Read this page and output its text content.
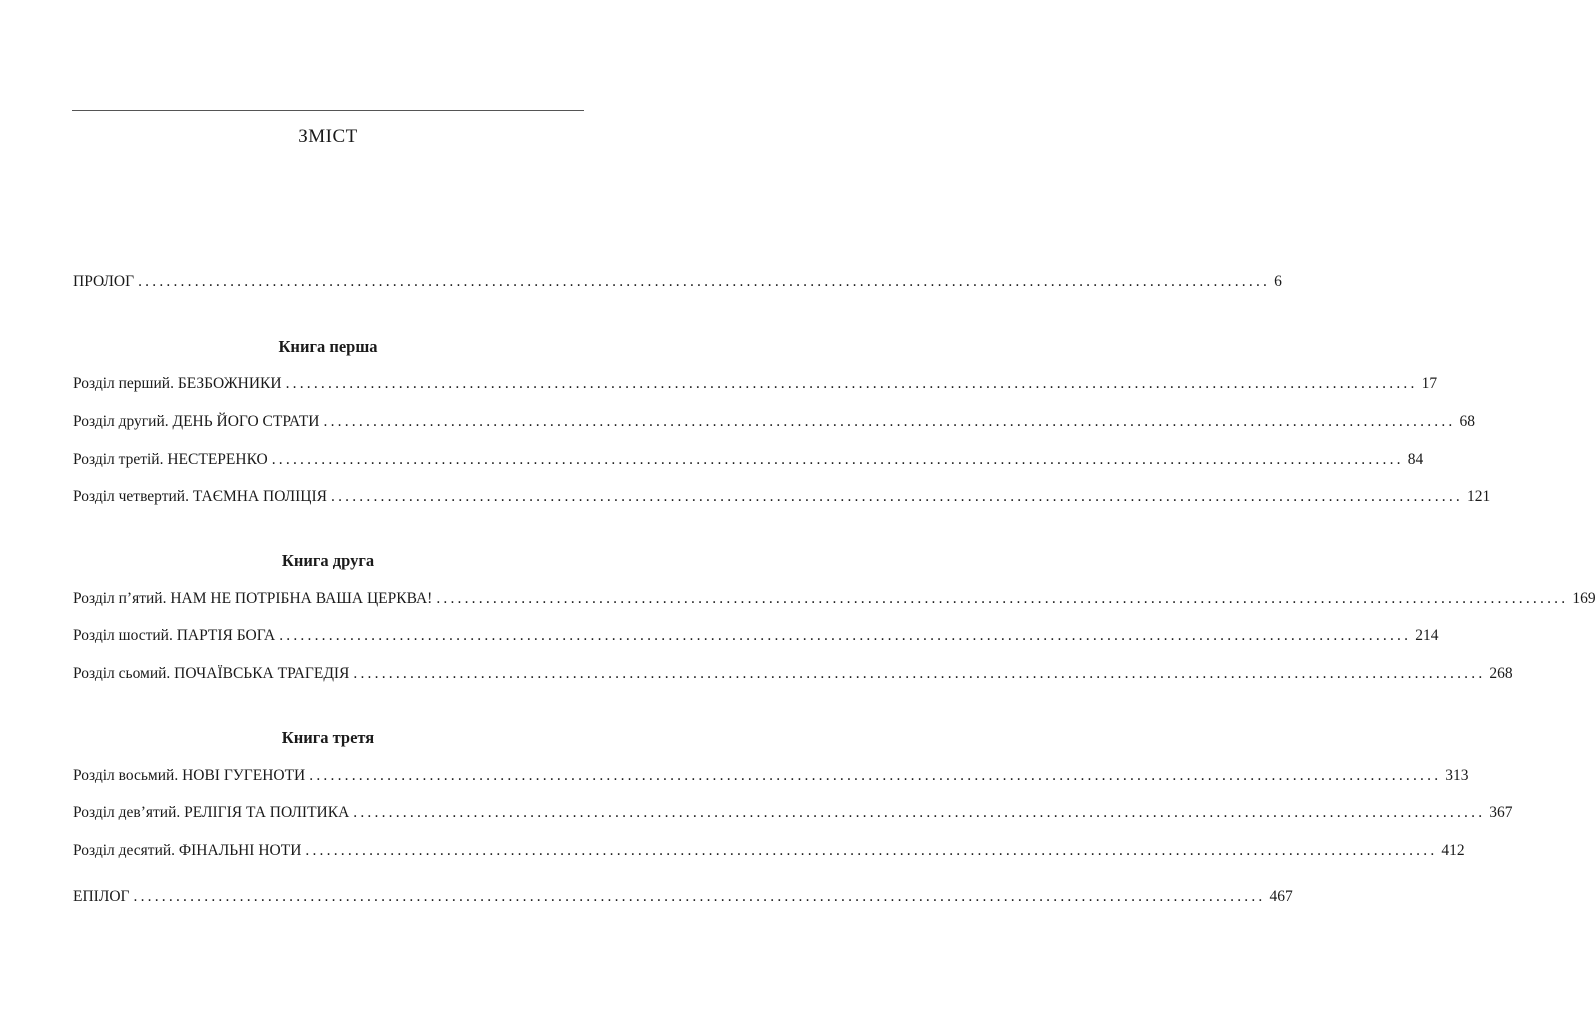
ЗМІСТ
ПРОЛОГ ................................................................................................................................................................ 6
Книга перша
Розділ перший. БЕЗБОЖНИКИ ................................................................................................................................................................ 17
Розділ другий. ДЕНЬ ЙОГО СТРАТИ ................................................................................................................................................................ 68
Розділ третій. НЕСТЕРЕНКО ................................................................................................................................................................ 84
Розділ четвертий. ТАЄМНА ПОЛІЦІЯ ................................................................................................................................................................ 121
Книга друга
Розділ п’ятий. НАМ НЕ ПОТРІБНА ВАША ЦЕРКВА! ................................................................................................................................................................ 169
Розділ шостий. ПАРТІЯ БОГА ................................................................................................................................................................ 214
Розділ сьомий. ПОЧАЇВСЬКА ТРАГЕДІЯ ................................................................................................................................................................ 268
Книга третя
Розділ восьмий. НОВІ ГУГЕНОТИ ................................................................................................................................................................ 313
Розділ дев’ятий. РЕЛІГІЯ ТА ПОЛІТИКА ................................................................................................................................................................ 367
Розділ десятий. ФІНАЛЬНІ НОТИ ................................................................................................................................................................ 412
ЕПІЛОГ ................................................................................................................................................................ 467
